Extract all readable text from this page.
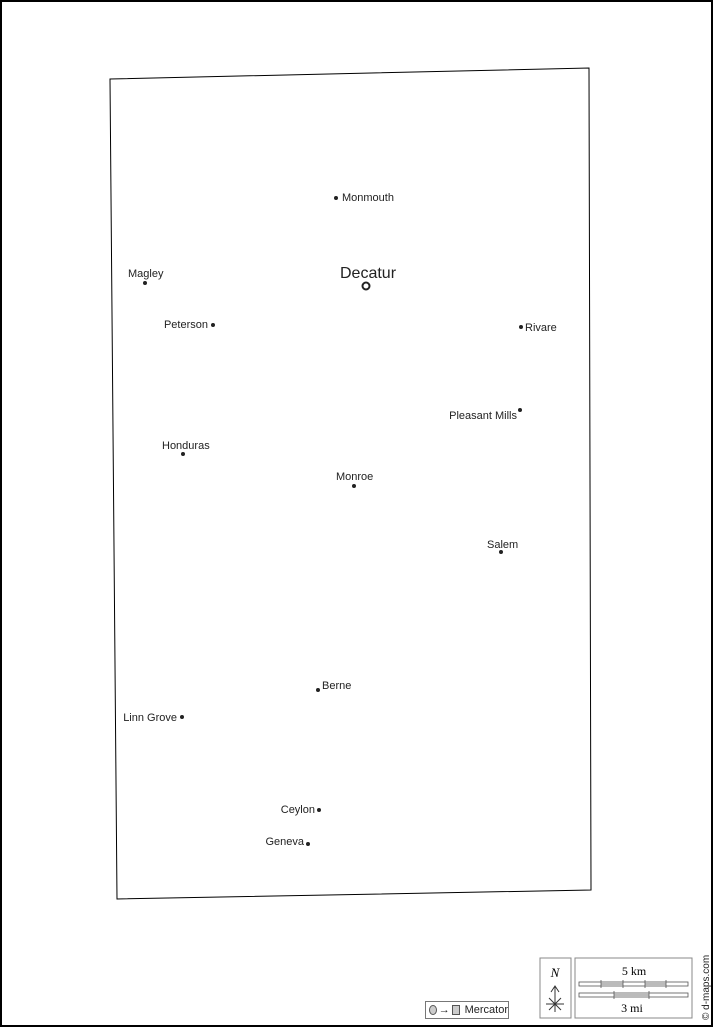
Decatur
Monmouth
Magley
Peterson	Rivare
Pleasant Mills
Honduras
Monroe
Salem
Berne
Linn Grove
Ceylon
Geneva
N	5 km
3 mi
→ Mercator	© d-maps.com
